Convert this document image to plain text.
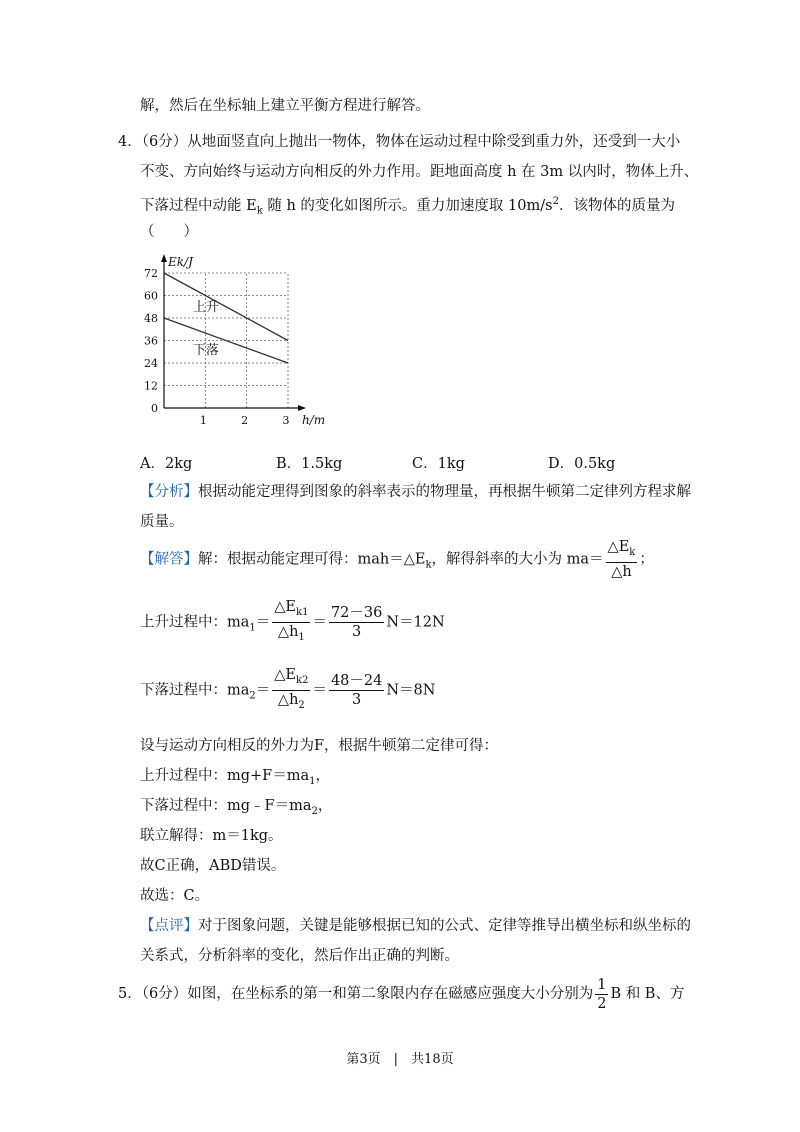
解，然后在坐标轴上建立平衡方程进行解答。
4．（6分）从地面竖直向上抛出一物体，物体在运动过程中除受到重力外，还受到一大小
不变、方向始终与运动方向相反的外力作用。距地面高度 h 在 3m 以内时，物体上升、
下落过程中动能 $E_k$ 随 h 的变化如图所示。重力加速度取 $10m/s^2$．该物体的质量为
（　　）
0
12
24
36
48
60
72
1	2	3
Ek/J
h/m
上升
下落
A．2kg	B．1.5kg	C．1kg	D．0.5kg
【分析】根据动能定理得到图象的斜率表示的物理量，再根据牛顿第二定律列方程求解
质量。
【解答】解：根据动能定理可得：$mah=\triangle E_k$，解得斜率的大小为 $ma= \frac{\triangle E_k}{\triangle h}$ ；
上升过程中：$ma_1= \frac{\triangle E_{k1}}{\triangle h_1} = \frac{72-36}{3} N=12N$
下落过程中：$ma_2= \frac{\triangle E_{k2}}{\triangle h_2} = \frac{48-24}{3} N=8N$
设与运动方向相反的外力为F，根据牛顿第二定律可得：
上升过程中：$mg+F=ma_1$，
下落过程中：$mg﹣F=ma_2$，
联立解得：m＝1kg。
故C正确，ABD错误。
故选：C。
【点评】对于图象问题，关键是能够根据已知的公式、定律等推导出横坐标和纵坐标的
关系式，分析斜率的变化，然后作出正确的判断。
5．（6分）如图，在坐标系的第一和第二象限内存在磁感应强度大小分别为 $\frac{1}{2}$ B 和 B、方
第3页　|　共18页
